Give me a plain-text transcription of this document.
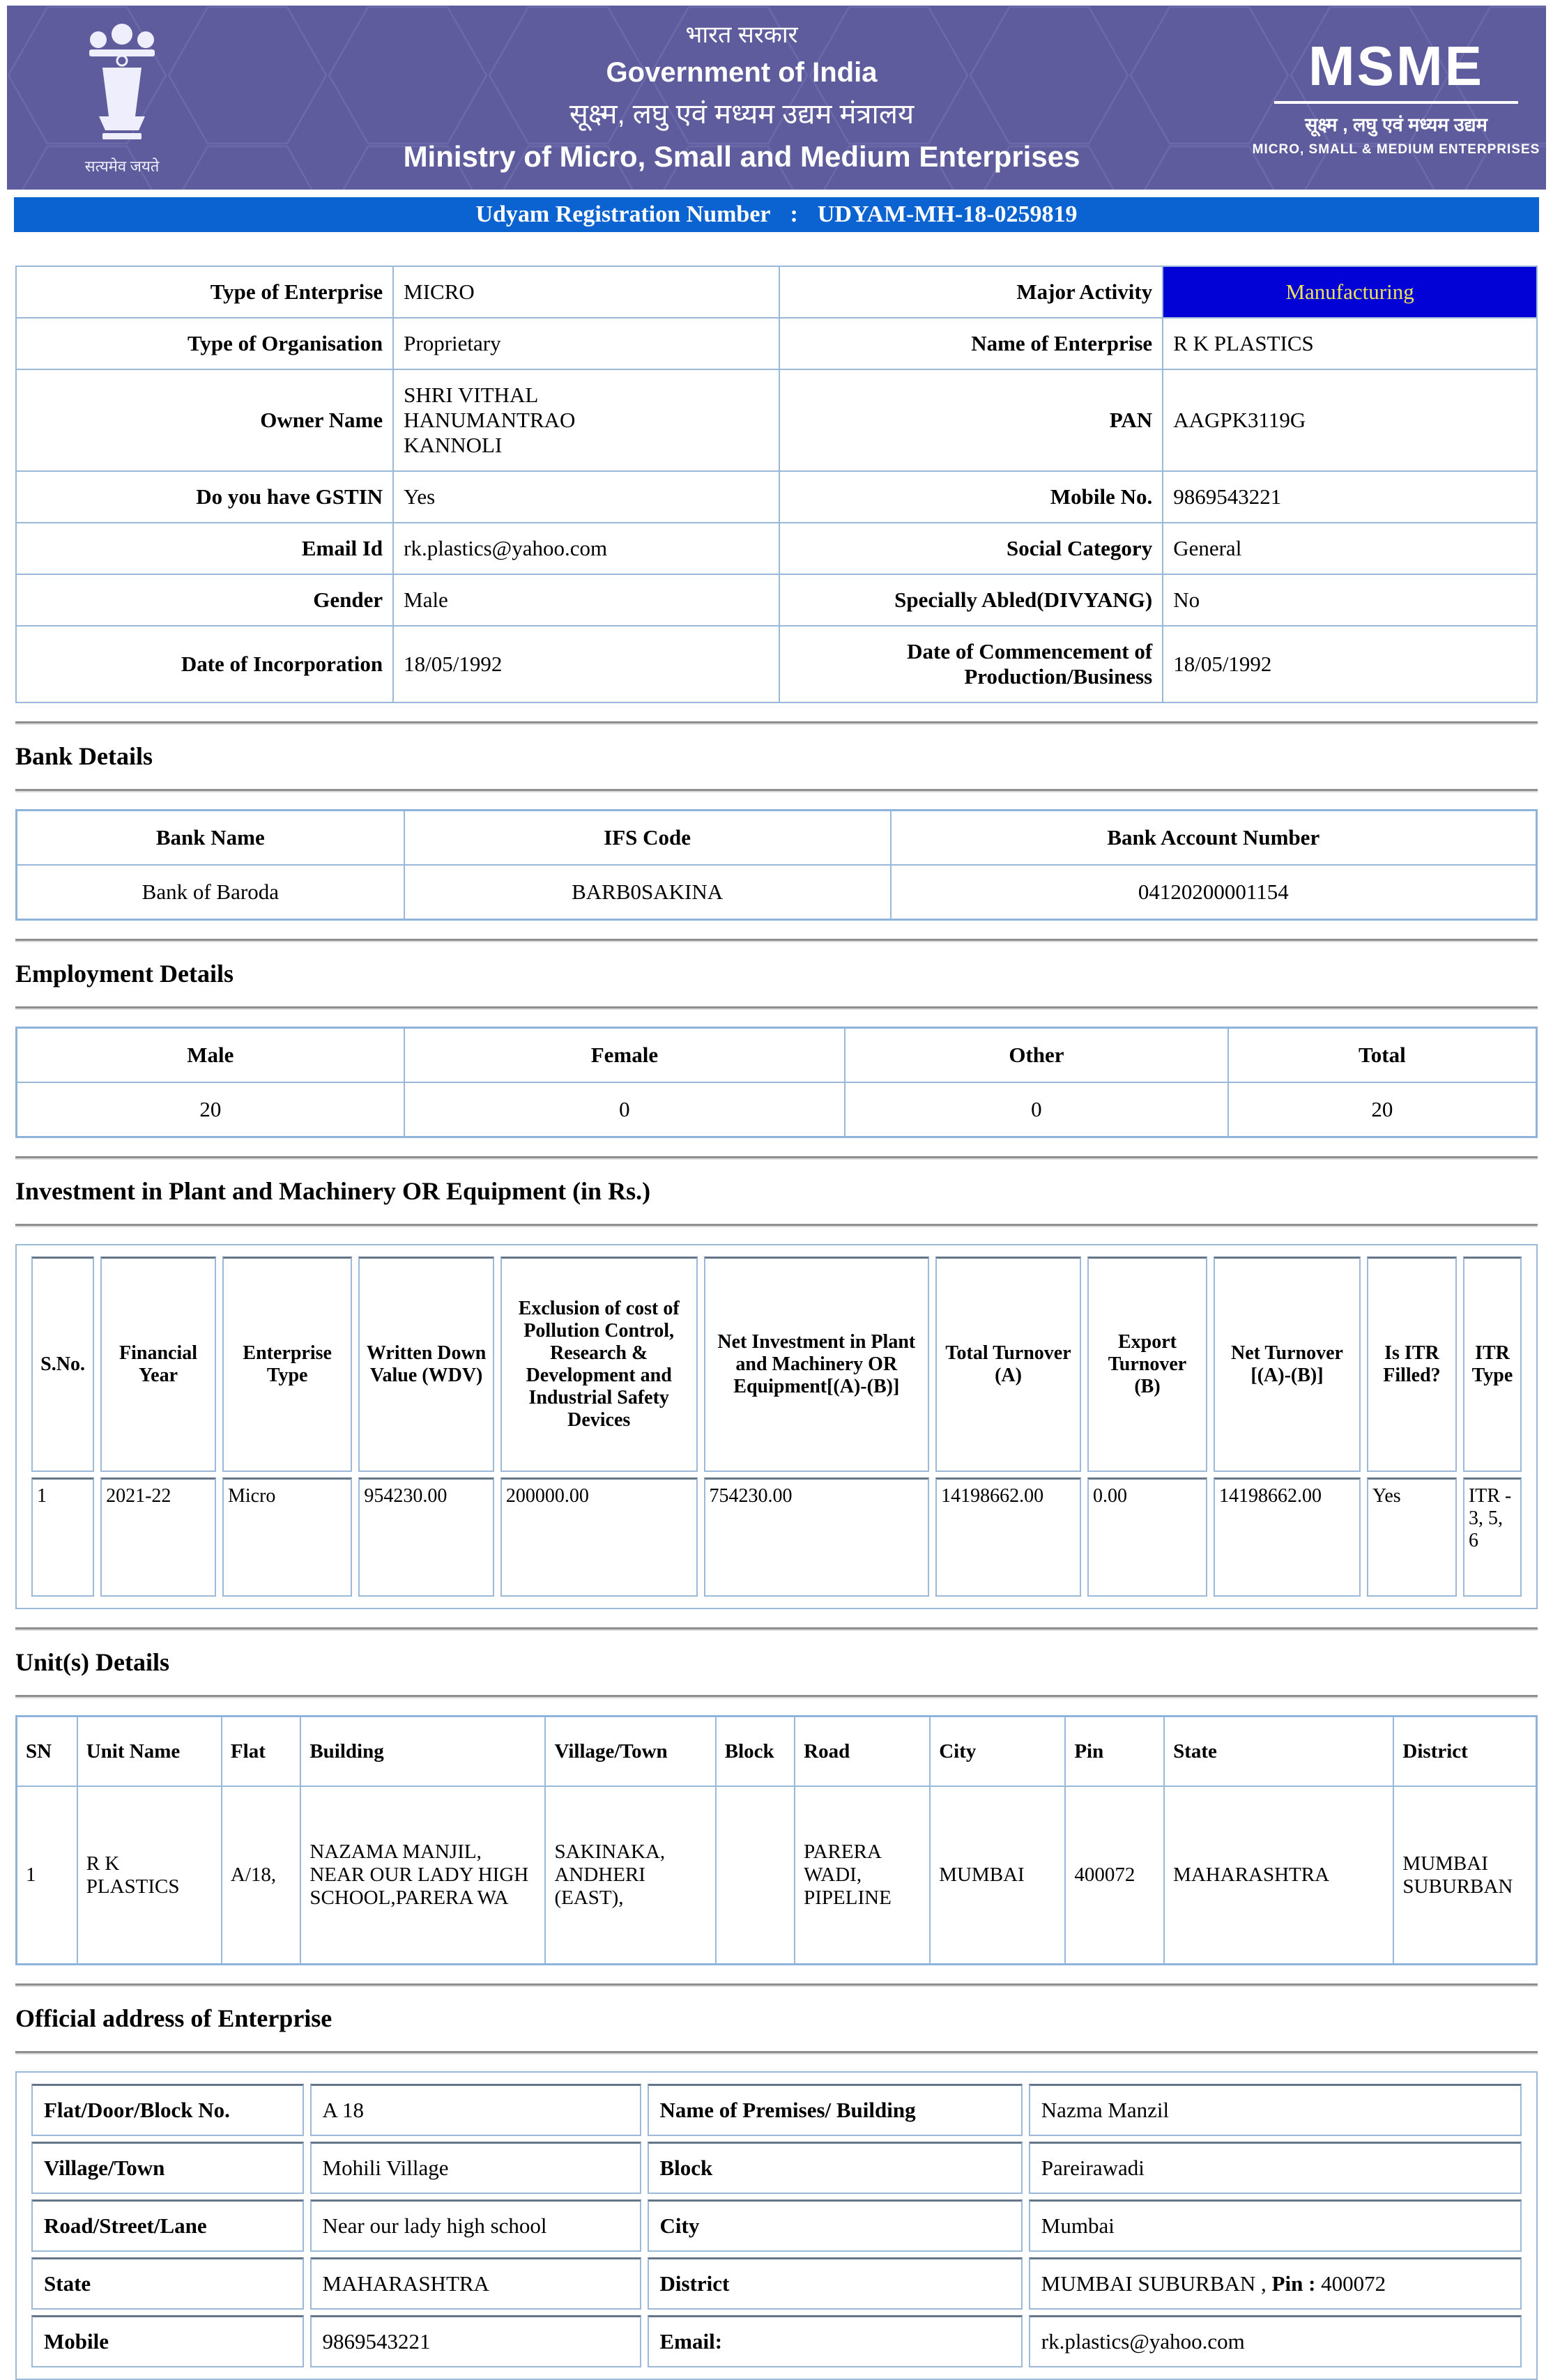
सत्यमेव जयते
भारत सरकार
Government of India
सूक्ष्म, लघु एवं मध्यम उद्यम मंत्रालय
Ministry of Micro, Small and Medium Enterprises
MSME
सूक्ष्म , लघु एवं मध्यम उद्यम
MICRO, SMALL & MEDIUM ENTERPRISES
Udyam Registration Number : UDYAM-MH-18-0259819
Type of Enterprise	MICRO	Major Activity	Manufacturing
Type of Organisation	Proprietary	Name of Enterprise	R K PLASTICS
Owner Name	SHRI VITHAL HANUMANTRAO KANNOLI	PAN	AAGPK3119G
Do you have GSTIN	Yes	Mobile No.	9869543221
Email Id	rk.plastics@yahoo.com	Social Category	General
Gender	Male	Specially Abled(DIVYANG)	No
Date of Incorporation	18/05/1992	Date of Commencement of Production/Business	18/05/1992
Bank Details
Bank Name	IFS Code	Bank Account Number
Bank of Baroda	BARB0SAKINA	04120200001154
Employment Details
Male	Female	Other	Total
20	0	0	20
Investment in Plant and Machinery OR Equipment (in Rs.)
S.No.	Financial Year	Enterprise Type	Written Down Value (WDV)	Exclusion of cost of Pollution Control, Research & Development and Industrial Safety Devices	Net Investment in Plant and Machinery OR Equipment[(A)-(B)]	Total Turnover (A)	Export Turnover (B)	Net Turnover [(A)-(B)]	Is ITR Filled?	ITR Type
1	2021-22	Micro	954230.00	200000.00	754230.00	14198662.00	0.00	14198662.00	Yes	ITR - 3, 5, 6
Unit(s) Details
SN	Unit Name	Flat	Building	Village/Town	Block	Road	City	Pin	State	District
1	R K PLASTICS	A/18,	NAZAMA MANJIL, NEAR OUR LADY HIGH SCHOOL,PARERA WA	SAKINAKA, ANDHERI (EAST),		PARERA WADI, PIPELINE	MUMBAI	400072	MAHARASHTRA	MUMBAI SUBURBAN
Official address of Enterprise
Flat/Door/Block No.	A 18	Name of Premises/ Building	Nazma Manzil
Village/Town	Mohili Village	Block	Pareirawadi
Road/Street/Lane	Near our lady high school	City	Mumbai
State	MAHARASHTRA	District	MUMBAI SUBURBAN , Pin : 400072
Mobile	9869543221	Email:	rk.plastics@yahoo.com
